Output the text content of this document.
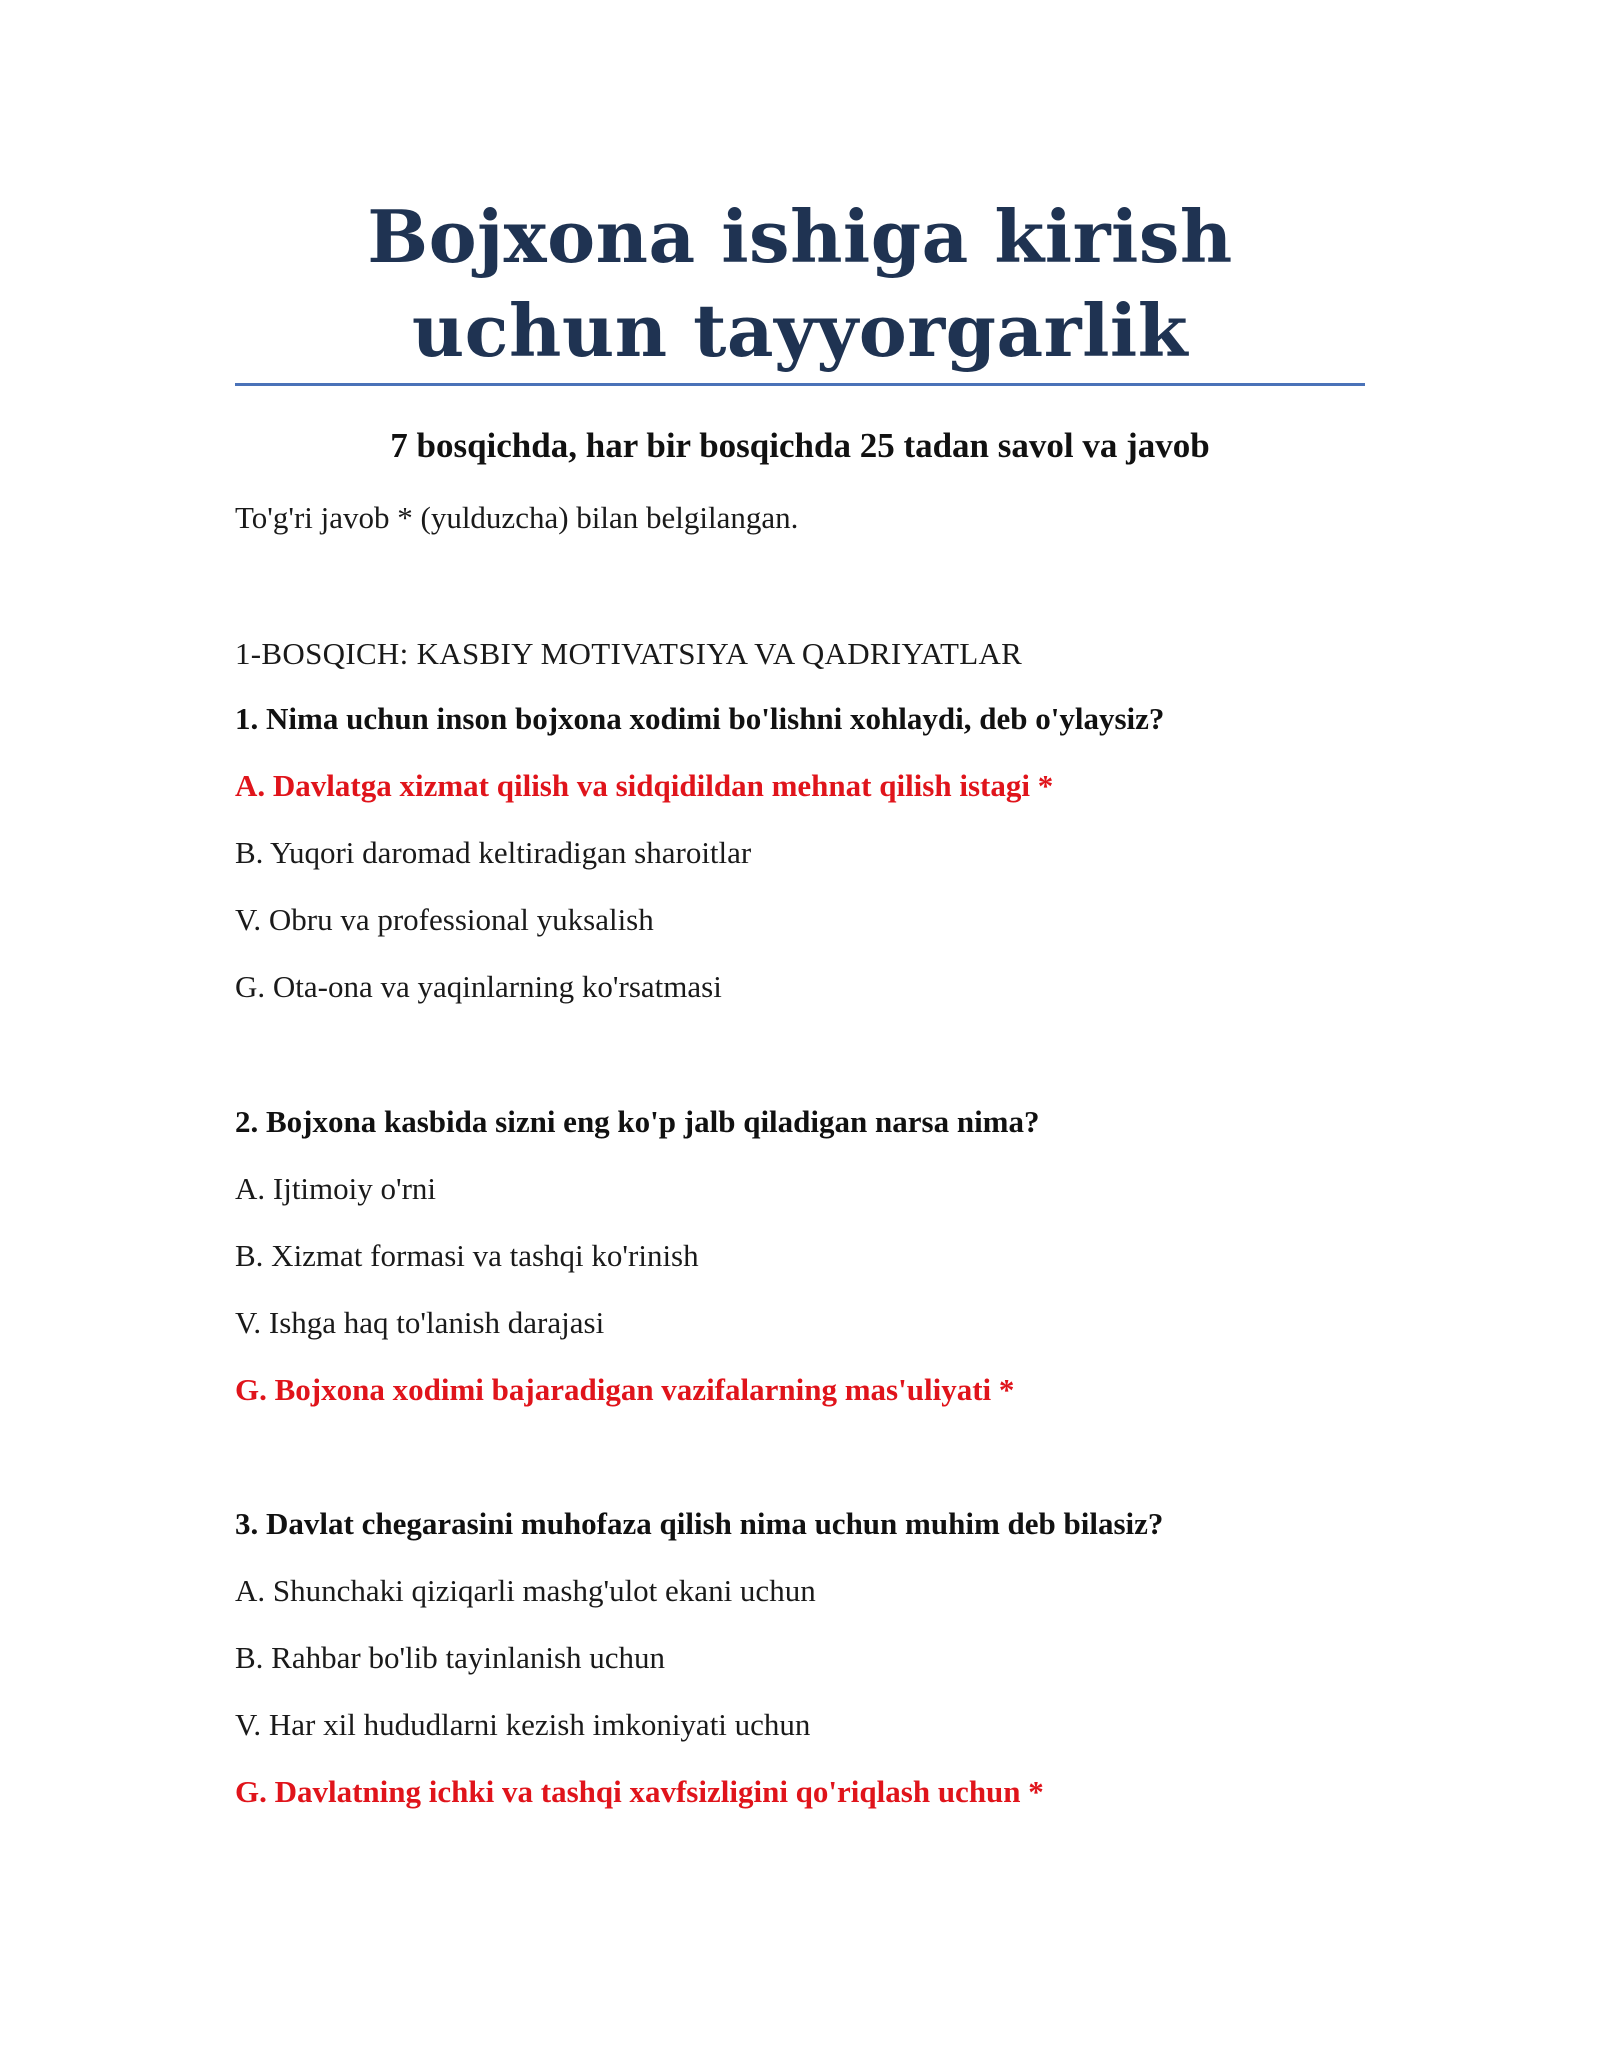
Bojxona ishiga kirish uchun tayyorgarlik
7 bosqichda, har bir bosqichda 25 tadan savol va javob
To'g'ri javob * (yulduzcha) bilan belgilangan.
1-BOSQICH: KASBIY MOTIVATSIYA VA QADRIYATLAR
1. Nima uchun inson bojxona xodimi bo'lishni xohlaydi, deb o'ylaysiz?
A. Davlatga xizmat qilish va sidqidildan mehnat qilish istagi *
B. Yuqori daromad keltiradigan sharoitlar
V. Obru va professional yuksalish
G. Ota-ona va yaqinlarning ko'rsatmasi
2. Bojxona kasbida sizni eng ko'p jalb qiladigan narsa nima?
A. Ijtimoiy o'rni
B. Xizmat formasi va tashqi ko'rinish
V. Ishga haq to'lanish darajasi
G. Bojxona xodimi bajaradigan vazifalarning mas'uliyati *
3. Davlat chegarasini muhofaza qilish nima uchun muhim deb bilasiz?
A. Shunchaki qiziqarli mashg'ulot ekani uchun
B. Rahbar bo'lib tayinlanish uchun
V. Har xil hududlarni kezish imkoniyati uchun
G. Davlatning ichki va tashqi xavfsizligini qo'riqlash uchun *
